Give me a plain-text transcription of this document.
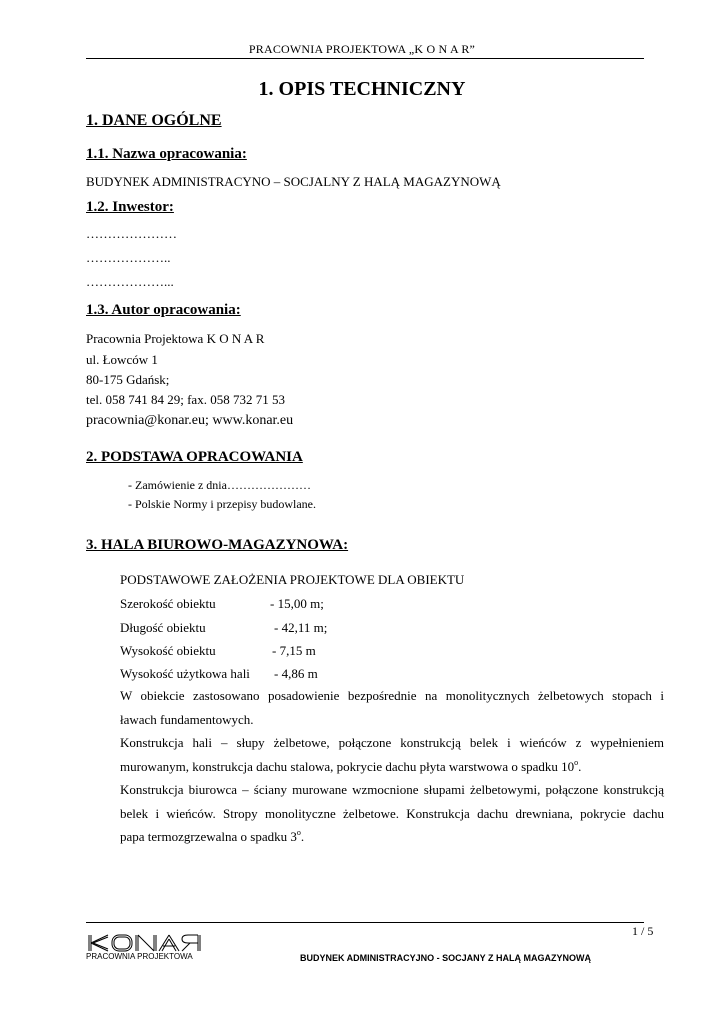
PRACOWNIA PROJEKTOWA „K O N A R”
1. OPIS TECHNICZNY
1. DANE OGÓLNE
1.1. Nazwa opracowania:
BUDYNEK ADMINISTRACYNO – SOCJALNY Z HALĄ MAGAZYNOWĄ
1.2. Inwestor:
…………………
………………..
………………...
1.3. Autor opracowania:
Pracownia Projektowa K O N A R
ul. Łowców 1
80-175 Gdańsk;
tel. 058 741 84 29; fax. 058 732 71 53
pracownia@konar.eu; www.konar.eu
2. PODSTAWA OPRACOWANIA
- Zamówienie z dnia…………………
- Polskie Normy i przepisy budowlane.
3. HALA BIUROWO-MAGAZYNOWA:
PODSTAWOWE ZAŁOŻENIA PROJEKTOWE DLA OBIEKTU
Szerokość obiektu	- 15,00 m;
Długość obiektu	- 42,11 m;
Wysokość obiektu	- 7,15 m
Wysokość użytkowa hali - 4,86 m
W obiekcie zastosowano posadowienie bezpośrednie na monolitycznych żelbetowych stopach i
ławach fundamentowych.
Konstrukcja hali – słupy żelbetowe, połączone konstrukcją belek i wieńców z wypełnieniem
murowanym, konstrukcja dachu stalowa, pokrycie dachu płyta warstwowa o spadku 10$^o$.
Konstrukcja biurowca – ściany murowane wzmocnione słupami żelbetowymi, połączone konstrukcją
belek i wieńców. Stropy monolityczne żelbetowe. Konstrukcja dachu drewniana, pokrycie dachu
papa termozgrzewalna o spadku 3$^o$.
1 / 5
PRACOWNIA PROJEKTOWA	BUDYNEK ADMINISTRACYJNO - SOCJANY Z HALĄ MAGAZYNOWĄ
